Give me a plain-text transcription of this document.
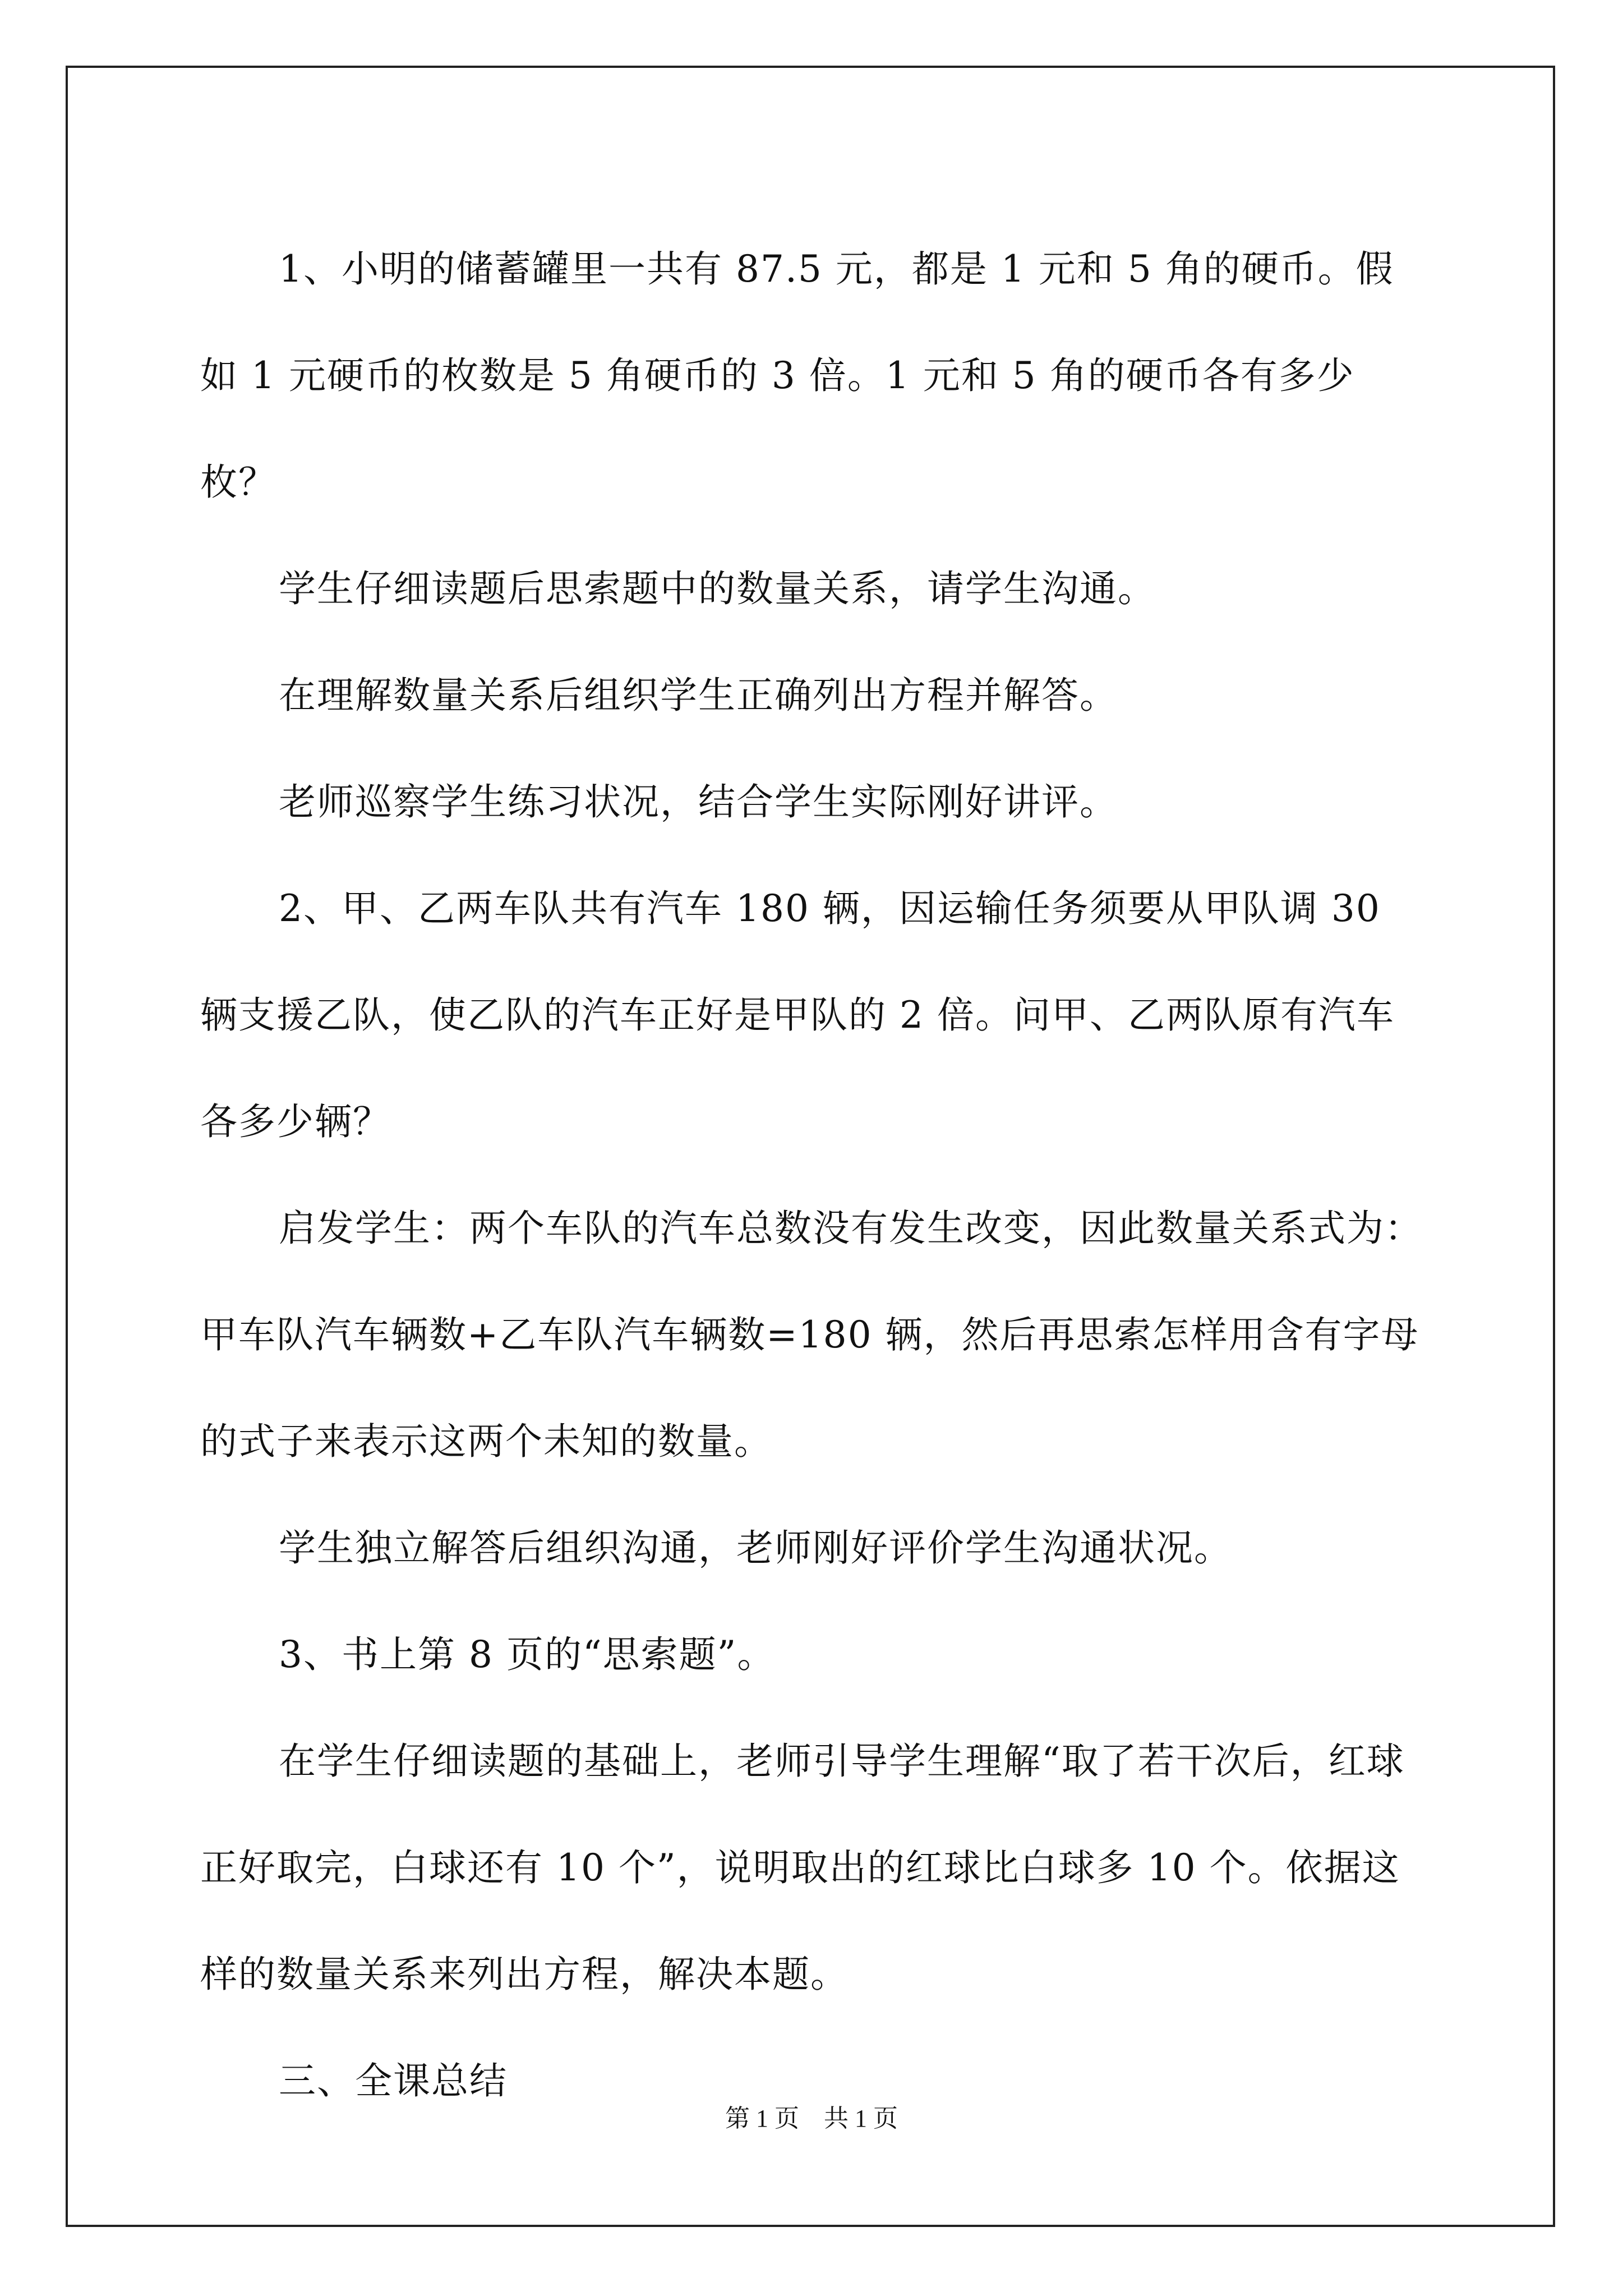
1、小明的储蓄罐里一共有 87.5 元，都是 1 元和 5 角的硬币。假如 1 元硬币的枚数是 5 角硬币的 3 倍。1 元和 5 角的硬币各有多少枚？

学生仔细读题后思索题中的数量关系，请学生沟通。

在理解数量关系后组织学生正确列出方程并解答。

老师巡察学生练习状况，结合学生实际刚好讲评。

2、甲、乙两车队共有汽车 180 辆，因运输任务须要从甲队调 30 辆支援乙队，使乙队的汽车正好是甲队的 2 倍。问甲、乙两队原有汽车各多少辆？

启发学生：两个车队的汽车总数没有发生改变，因此数量关系式为：甲车队汽车辆数+乙车队汽车辆数=180 辆，然后再思索怎样用含有字母的式子来表示这两个未知的数量。

学生独立解答后组织沟通，老师刚好评价学生沟通状况。

3、书上第 8 页的“思索题”。

在学生仔细读题的基础上，老师引导学生理解“取了若干次后，红球正好取完，白球还有 10 个”，说明取出的红球比白球多 10 个。依据这样的数量关系来列出方程，解决本题。

三、全课总结

第 1 页 共 1 页
